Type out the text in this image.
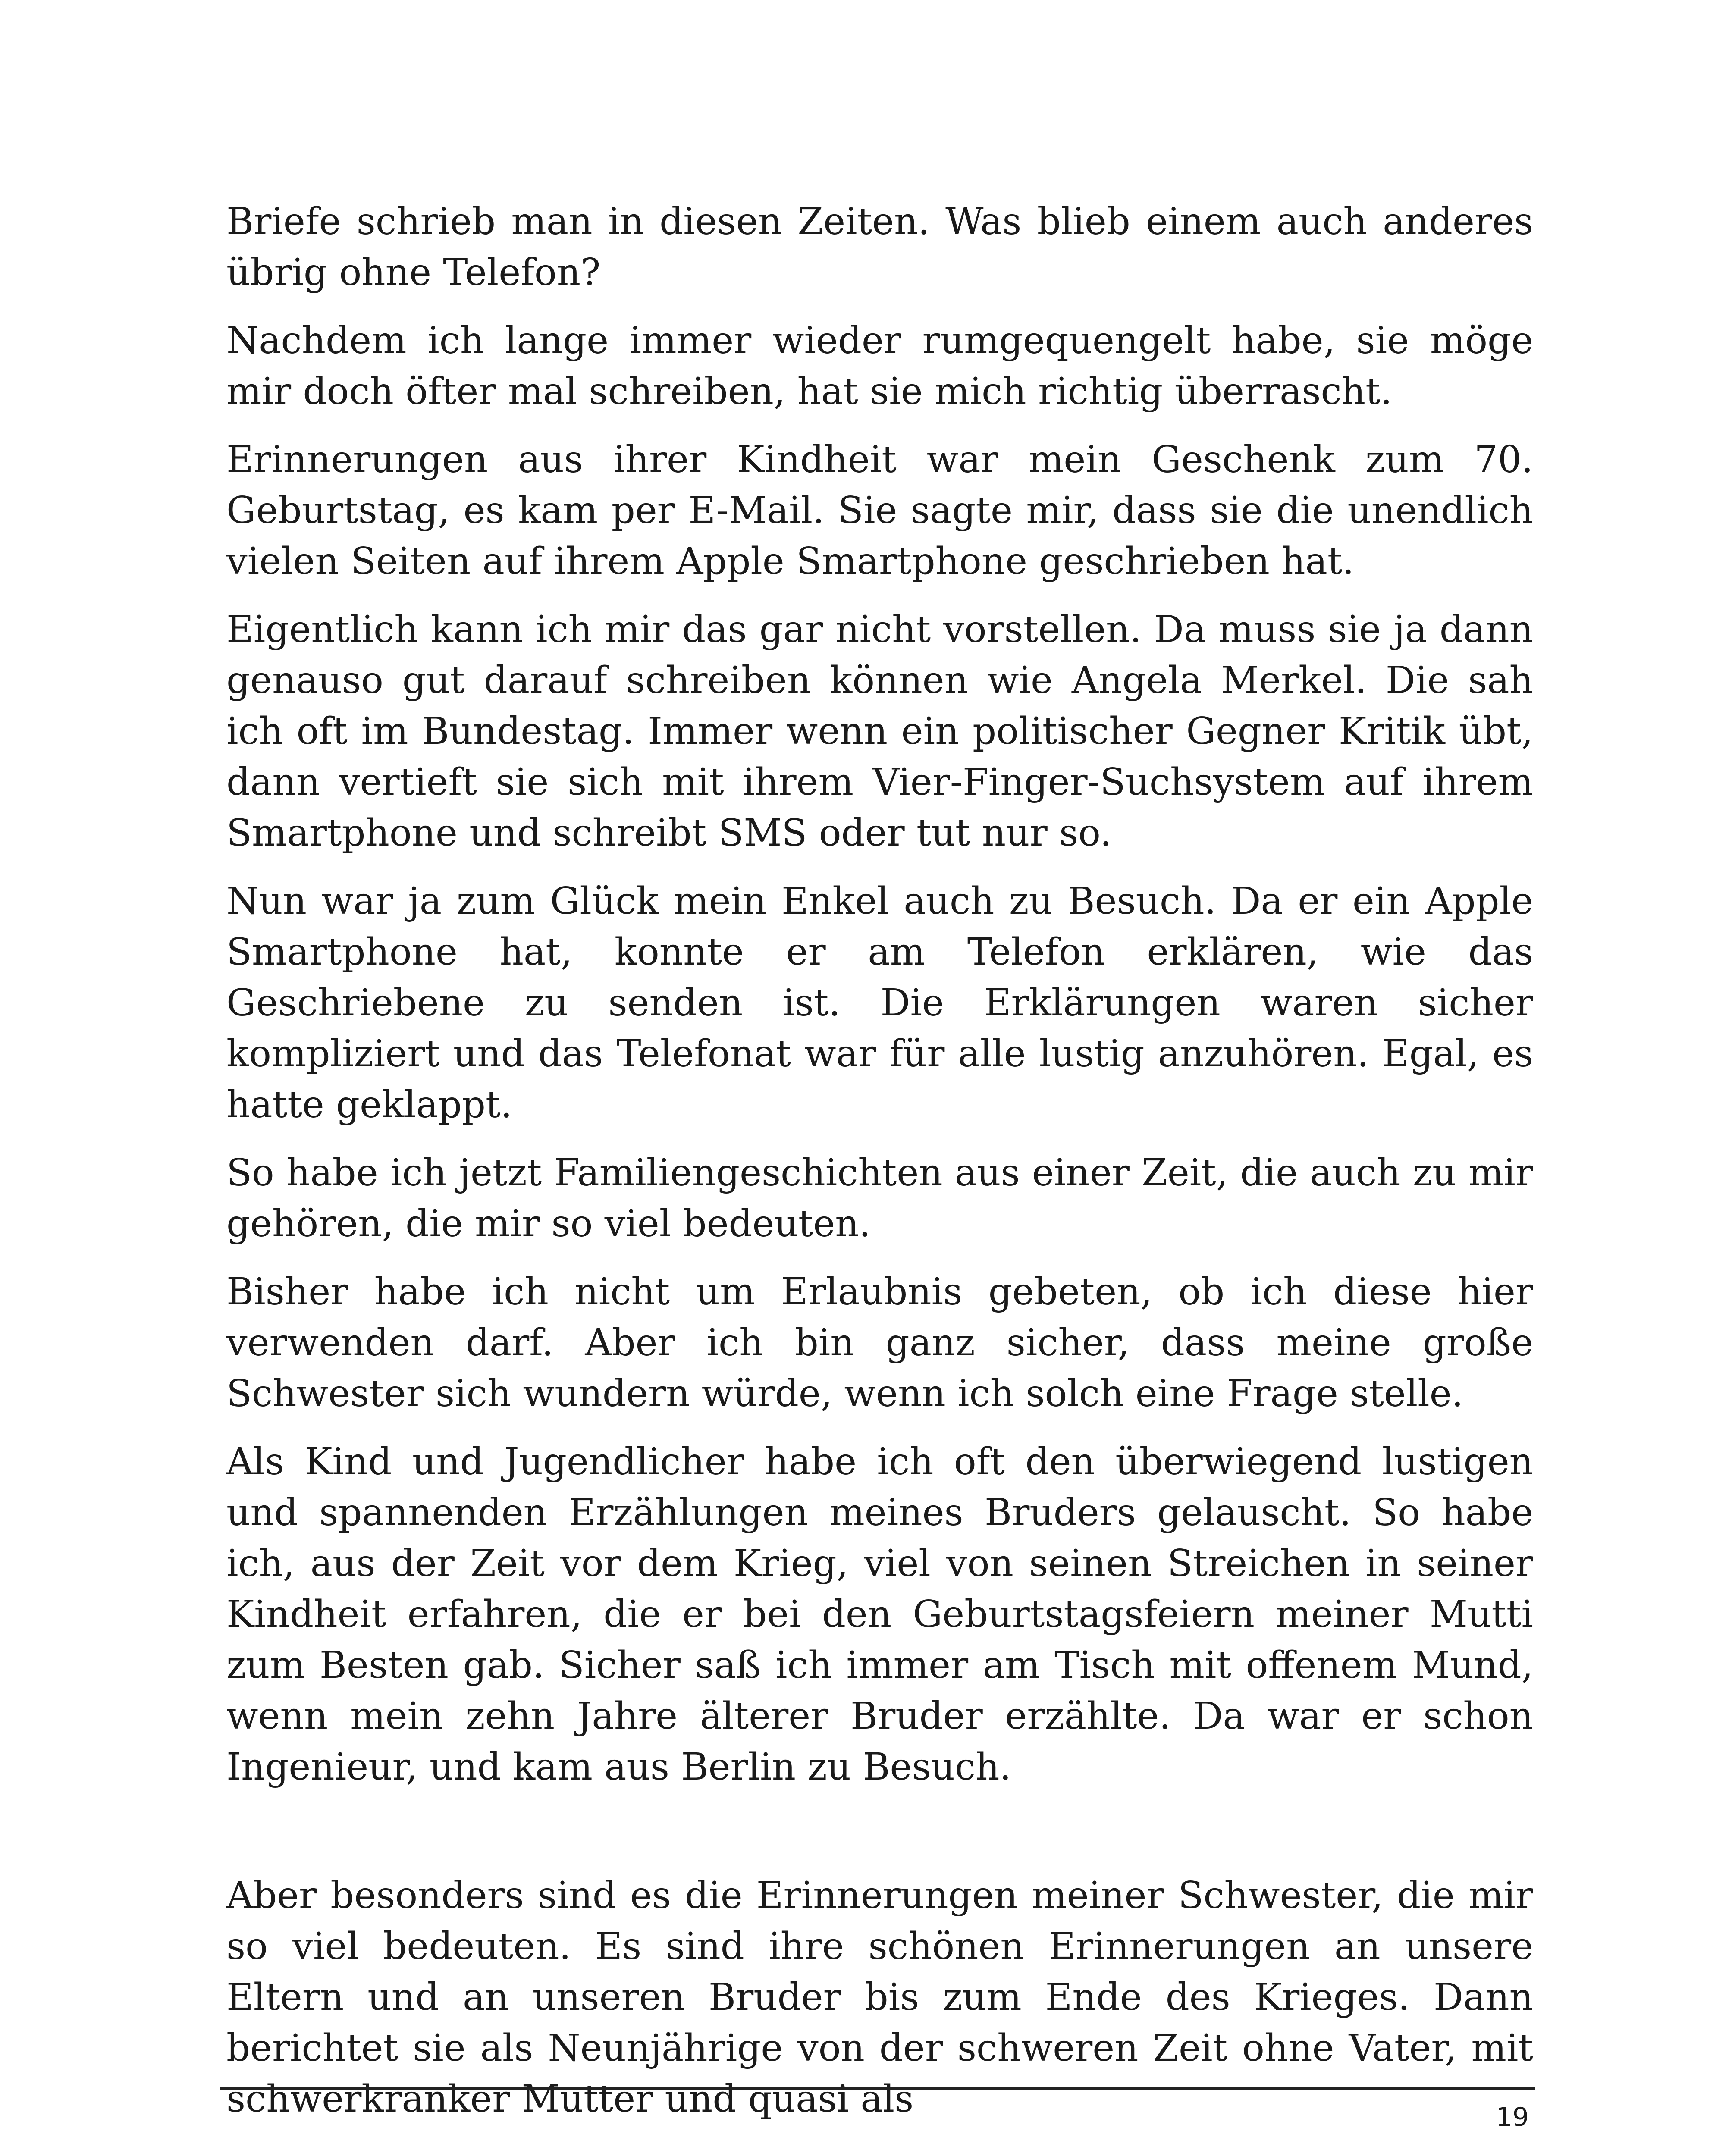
Briefe schrieb man in diesen Zeiten. Was blieb einem auch anderes übrig ohne Telefon?

Nachdem ich lange immer wieder rumgequengelt habe, sie möge mir doch öfter mal schreiben, hat sie mich richtig überrascht.

Erinnerungen aus ihrer Kindheit war mein Geschenk zum 70. Geburtstag, es kam per E-Mail. Sie sagte mir, dass sie die unendlich vielen Seiten auf ihrem Apple Smartphone geschrieben hat.

Eigentlich kann ich mir das gar nicht vorstellen. Da muss sie ja dann genauso gut darauf schreiben können wie Angela Merkel. Die sah ich oft im Bundestag. Immer wenn ein politischer Gegner Kritik übt, dann vertieft sie sich mit ihrem Vier-Finger-Suchsystem auf ihrem Smartphone und schreibt SMS oder tut nur so.

Nun war ja zum Glück mein Enkel auch zu Besuch. Da er ein Apple Smartphone hat, konnte er am Telefon erklären, wie das Geschriebene zu senden ist. Die Erklärungen waren sicher kompliziert und das Telefonat war für alle lustig anzuhören. Egal, es hatte geklappt.

So habe ich jetzt Familiengeschichten aus einer Zeit, die auch zu mir gehören, die mir so viel bedeuten.

Bisher habe ich nicht um Erlaubnis gebeten, ob ich diese hier verwenden darf. Aber ich bin ganz sicher, dass meine große Schwester sich wundern würde, wenn ich solch eine Frage stelle.

Als Kind und Jugendlicher habe ich oft den überwiegend lustigen und spannenden Erzählungen meines Bruders gelauscht. So habe ich, aus der Zeit vor dem Krieg, viel von seinen Streichen in seiner Kindheit erfahren, die er bei den Geburtstagsfeiern meiner Mutti zum Besten gab. Sicher saß ich immer am Tisch mit offenem Mund, wenn mein zehn Jahre älterer Bruder erzählte. Da war er schon Ingenieur, und kam aus Berlin zu Besuch.

Aber besonders sind es die Erinnerungen meiner Schwester, die mir so viel bedeuten. Es sind ihre schönen Erinnerungen an unsere Eltern und an unseren Bruder bis zum Ende des Krieges. Dann berichtet sie als Neunjährige von der schweren Zeit ohne Vater, mit schwerkranker Mutter und quasi als	19
